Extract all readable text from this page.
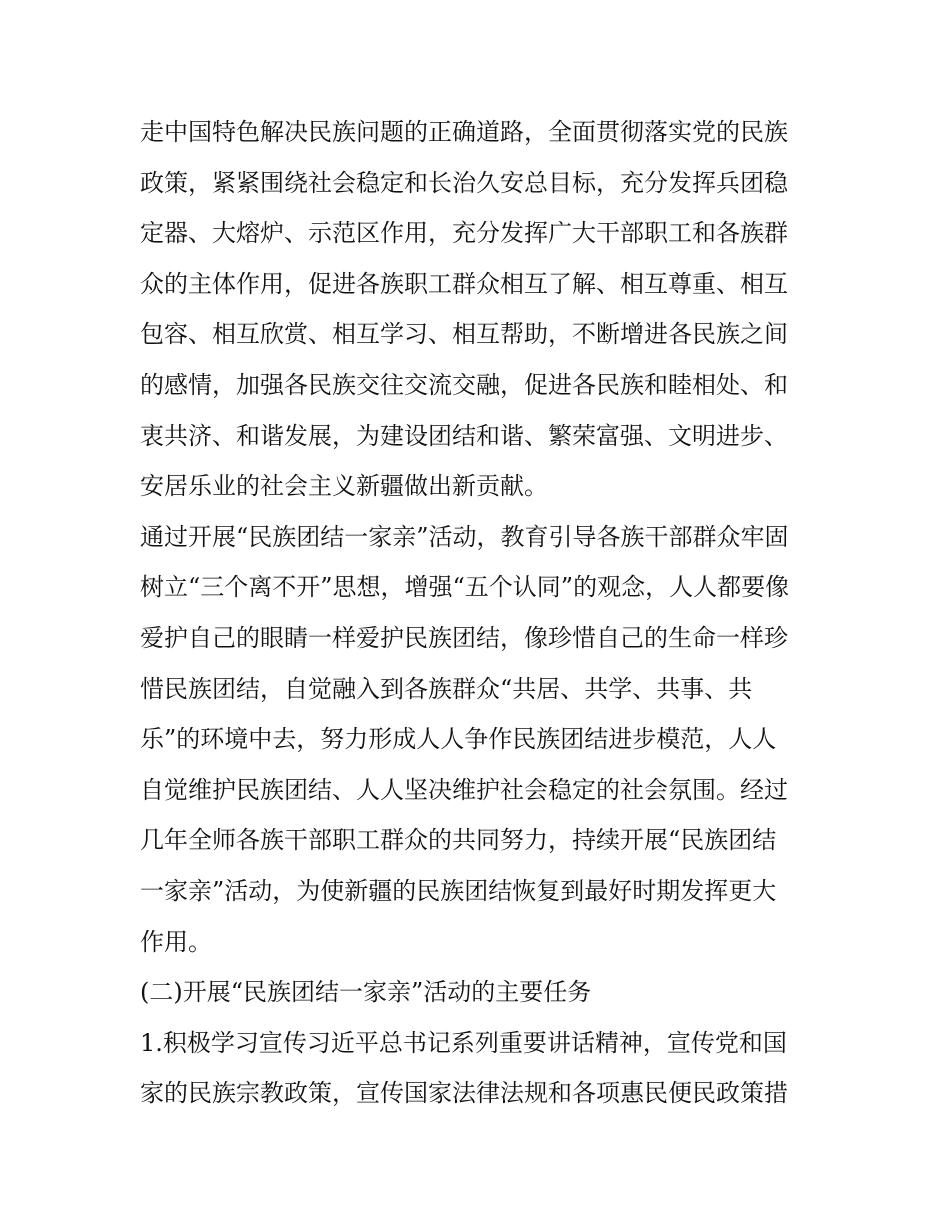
走中国特色解决民族问题的正确道路，全面贯彻落实党的民族
政策，紧紧围绕社会稳定和长治久安总目标，充分发挥兵团稳
定器、大熔炉、示范区作用，充分发挥广大干部职工和各族群
众的主体作用，促进各族职工群众相互了解、相互尊重、相互
包容、相互欣赏、相互学习、相互帮助，不断增进各民族之间
的感情，加强各民族交往交流交融，促进各民族和睦相处、和
衷共济、和谐发展，为建设团结和谐、繁荣富强、文明进步、
安居乐业的社会主义新疆做出新贡献。
通过开展“民族团结一家亲”活动，教育引导各族干部群众牢固
树立“三个离不开”思想，增强“五个认同”的观念，人人都要像
爱护自己的眼睛一样爱护民族团结，像珍惜自己的生命一样珍
惜民族团结，自觉融入到各族群众“共居、共学、共事、共
乐”的环境中去，努力形成人人争作民族团结进步模范，人人
自觉维护民族团结、人人坚决维护社会稳定的社会氛围。经过
几年全师各族干部职工群众的共同努力，持续开展“民族团结
一家亲”活动，为使新疆的民族团结恢复到最好时期发挥更大
作用。
(二)开展“民族团结一家亲”活动的主要任务
1.积极学习宣传习近平总书记系列重要讲话精神，宣传党和国
家的民族宗教政策，宣传国家法律法规和各项惠民便民政策措
